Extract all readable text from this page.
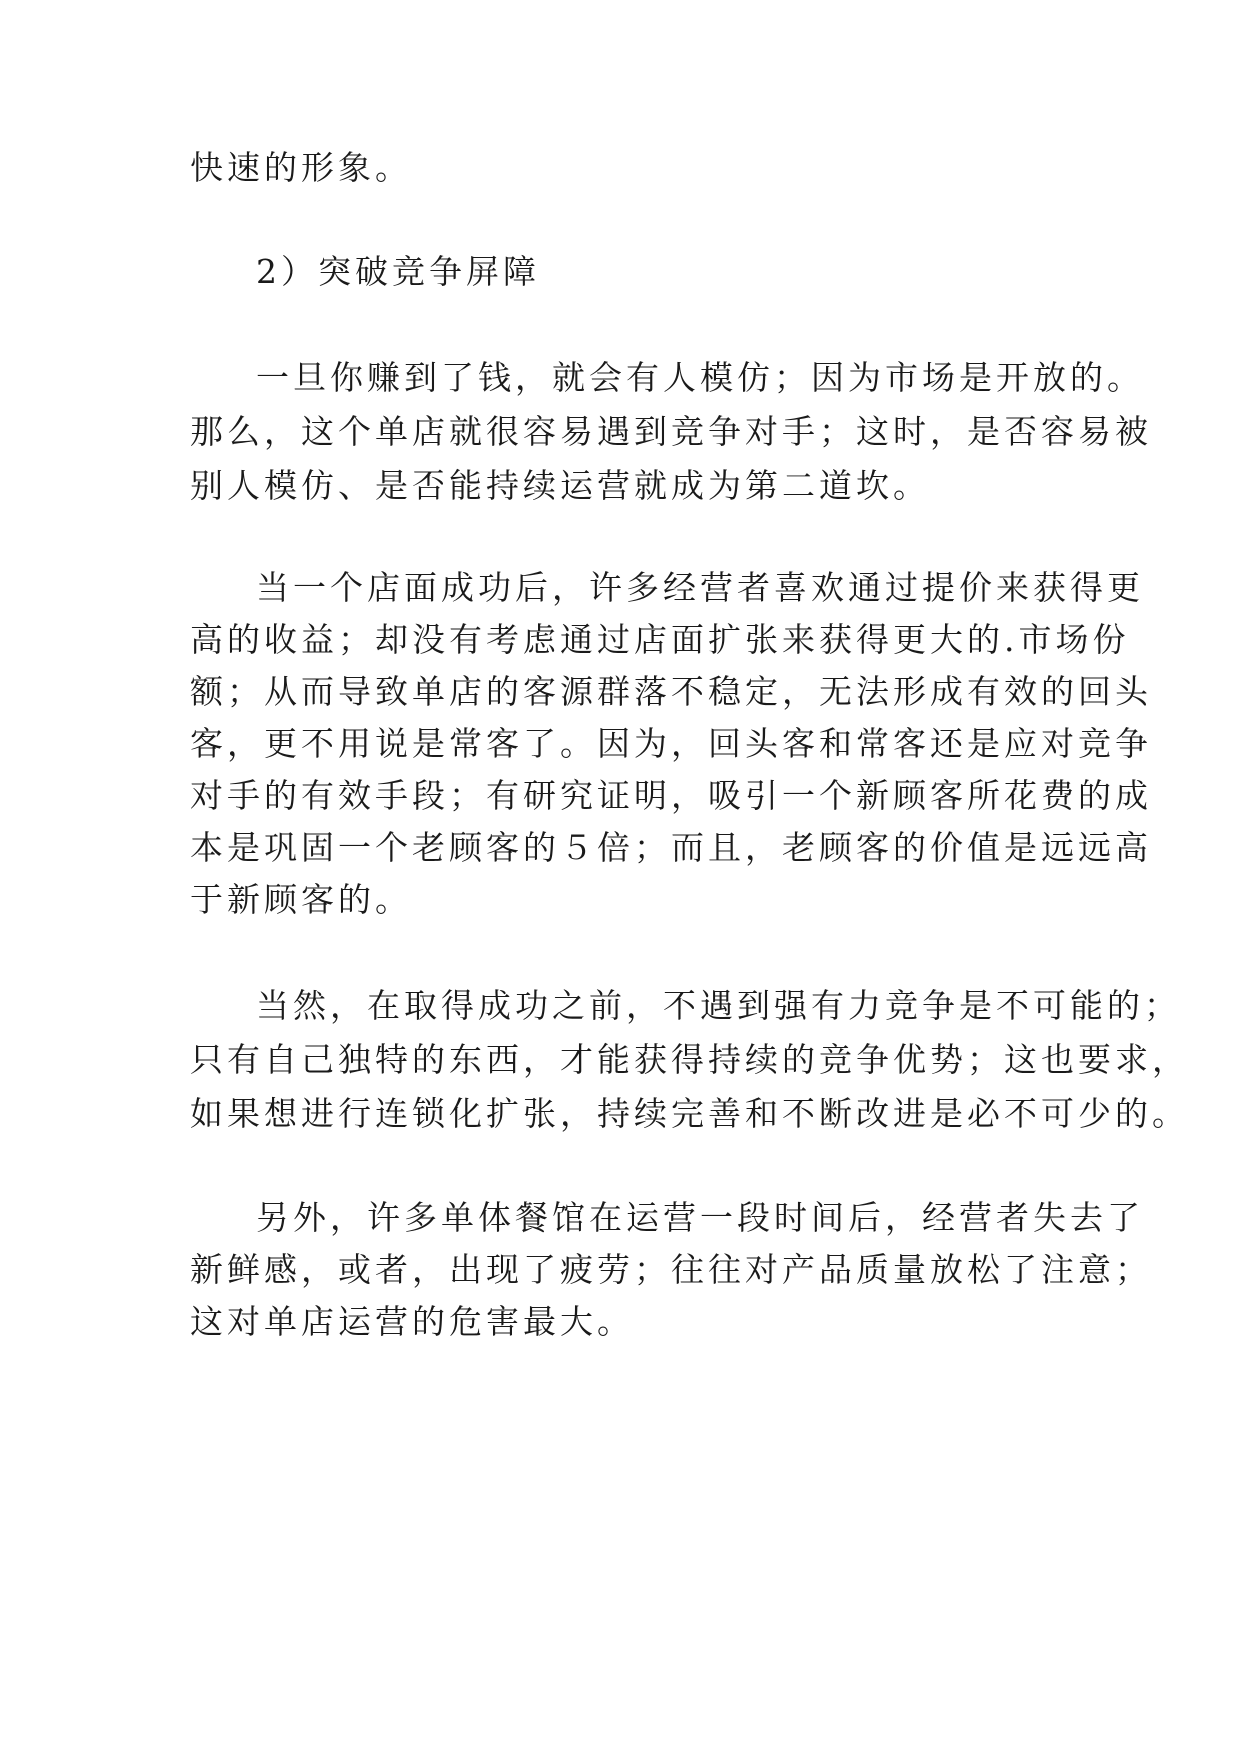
快速的形象。
2）突破竞争屏障
一旦你赚到了钱，就会有人模仿；因为市场是开放的。
那么，这个单店就很容易遇到竞争对手；这时，是否容易被
别人模仿、是否能持续运营就成为第二道坎。
当一个店面成功后，许多经营者喜欢通过提价来获得更
高的收益；却没有考虑通过店面扩张来获得更大的.市场份
额；从而导致单店的客源群落不稳定，无法形成有效的回头
客，更不用说是常客了。因为，回头客和常客还是应对竞争
对手的有效手段；有研究证明，吸引一个新顾客所花费的成
本是巩固一个老顾客的５倍；而且，老顾客的价值是远远高
于新顾客的。
当然，在取得成功之前，不遇到强有力竞争是不可能的；
只有自己独特的东西，才能获得持续的竞争优势；这也要求，
如果想进行连锁化扩张，持续完善和不断改进是必不可少的。
另外，许多单体餐馆在运营一段时间后，经营者失去了
新鲜感，或者，出现了疲劳；往往对产品质量放松了注意；
这对单店运营的危害最大。
